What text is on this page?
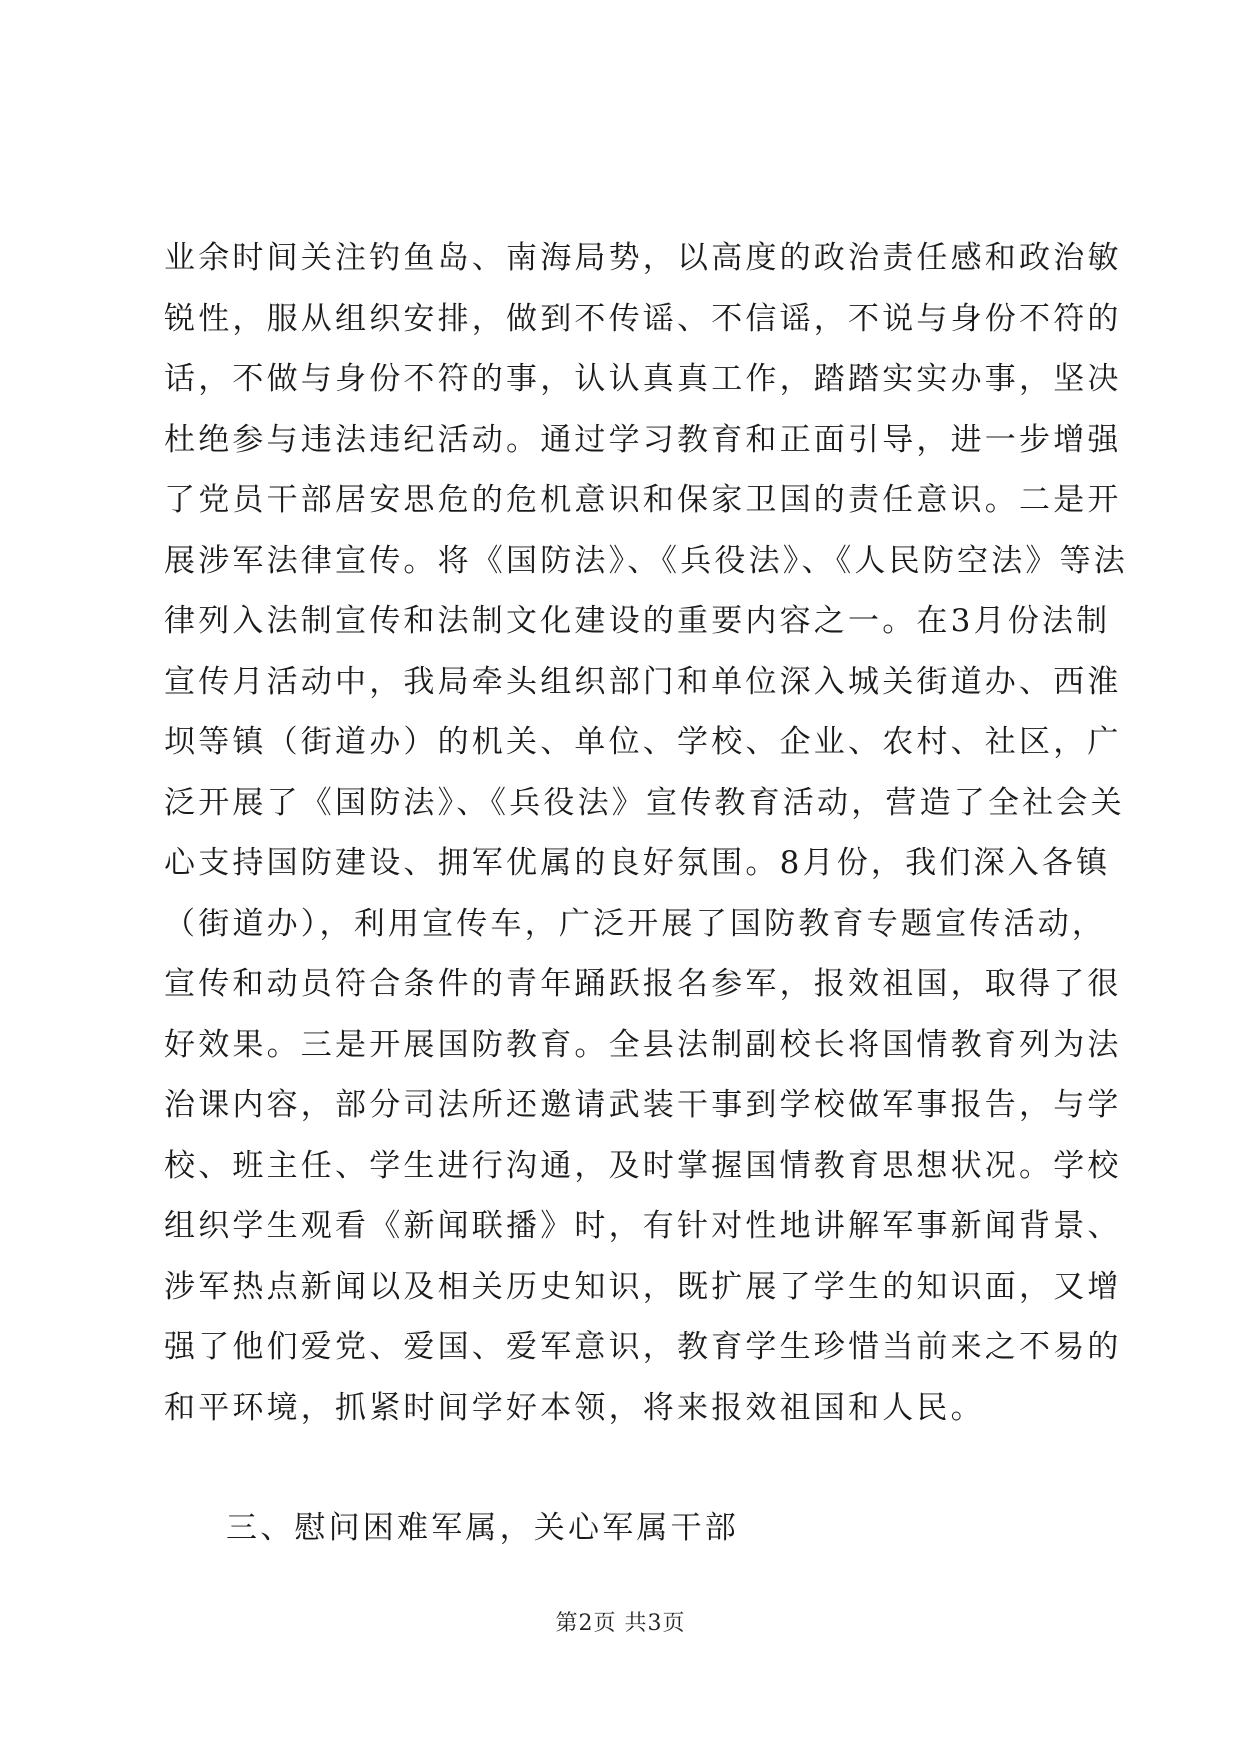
业余时间关注钓鱼岛、南海局势，以高度的政治责任感和政治敏
锐性，服从组织安排，做到不传谣、不信谣，不说与身份不符的
话，不做与身份不符的事，认认真真工作，踏踏实实办事，坚决
杜绝参与违法违纪活动。通过学习教育和正面引导，进一步增强
了党员干部居安思危的危机意识和保家卫国的责任意识。二是开
展涉军法律宣传。将《国防法》、《兵役法》、《人民防空法》等法
律列入法制宣传和法制文化建设的重要内容之一。在3月份法制
宣传月活动中，我局牵头组织部门和单位深入城关街道办、西淮
坝等镇（街道办）的机关、单位、学校、企业、农村、社区，广
泛开展了《国防法》、《兵役法》宣传教育活动，营造了全社会关
心支持国防建设、拥军优属的良好氛围。8月份，我们深入各镇
（街道办），利用宣传车，广泛开展了国防教育专题宣传活动，
宣传和动员符合条件的青年踊跃报名参军，报效祖国，取得了很
好效果。三是开展国防教育。全县法制副校长将国情教育列为法
治课内容，部分司法所还邀请武装干事到学校做军事报告，与学
校、班主任、学生进行沟通，及时掌握国情教育思想状况。学校
组织学生观看《新闻联播》时，有针对性地讲解军事新闻背景、
涉军热点新闻以及相关历史知识，既扩展了学生的知识面，又增
强了他们爱党、爱国、爱军意识，教育学生珍惜当前来之不易的
和平环境，抓紧时间学好本领，将来报效祖国和人民。
三、慰问困难军属，关心军属干部
第2页 共3页
